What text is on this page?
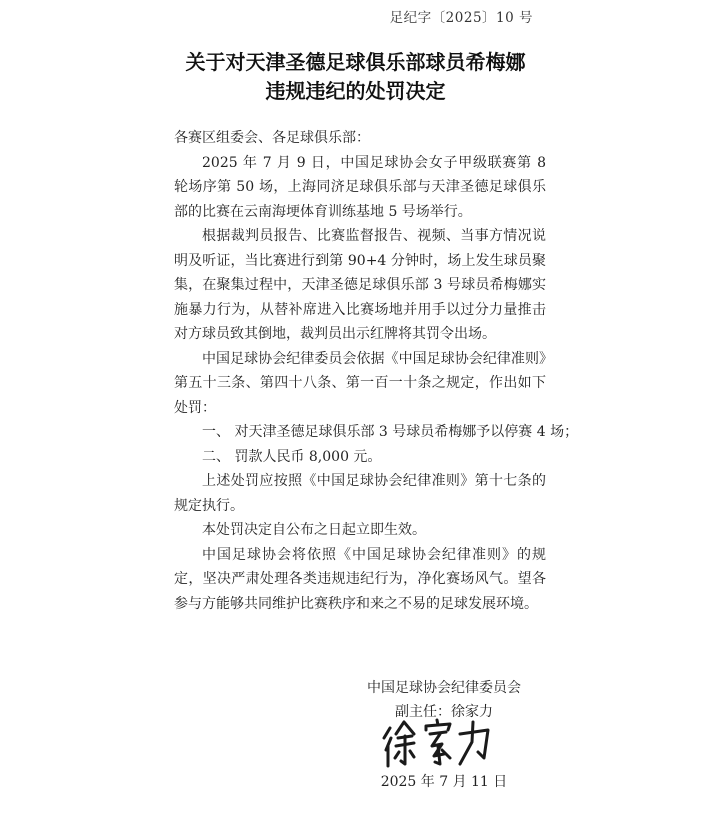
足纪字〔2025〕10 号
关于对天津圣德足球俱乐部球员希梅娜
违规违纪的处罚决定

各赛区组委会、各足球俱乐部：

2025 年 7 月 9 日，中国足球协会女子甲级联赛第 8 轮场序第 50 场，上海同济足球俱乐部与天津圣德足球俱乐部的比赛在云南海埂体育训练基地 5 号场举行。

根据裁判员报告、比赛监督报告、视频、当事方情况说明及听证，当比赛进行到第 90+4 分钟时，场上发生球员聚集，在聚集过程中，天津圣德足球俱乐部 3 号球员希梅娜实施暴力行为，从替补席进入比赛场地并用手以过分力量推击对方球员致其倒地，裁判员出示红牌将其罚令出场。

中国足球协会纪律委员会依据《中国足球协会纪律准则》第五十三条、第四十八条、第一百一十条之规定，作出如下处罚：

一、 对天津圣德足球俱乐部 3 号球员希梅娜予以停赛 4 场；

二、 罚款人民币 8,000 元。

上述处罚应按照《中国足球协会纪律准则》第十七条的规定执行。

本处罚决定自公布之日起立即生效。

中国足球协会将依照《中国足球协会纪律准则》的规定，坚决严肃处理各类违规违纪行为，净化赛场风气。望各参与方能够共同维护比赛秩序和来之不易的足球发展环境。

中国足球协会纪律委员会
副主任：徐家力
2025 年 7 月 11 日
